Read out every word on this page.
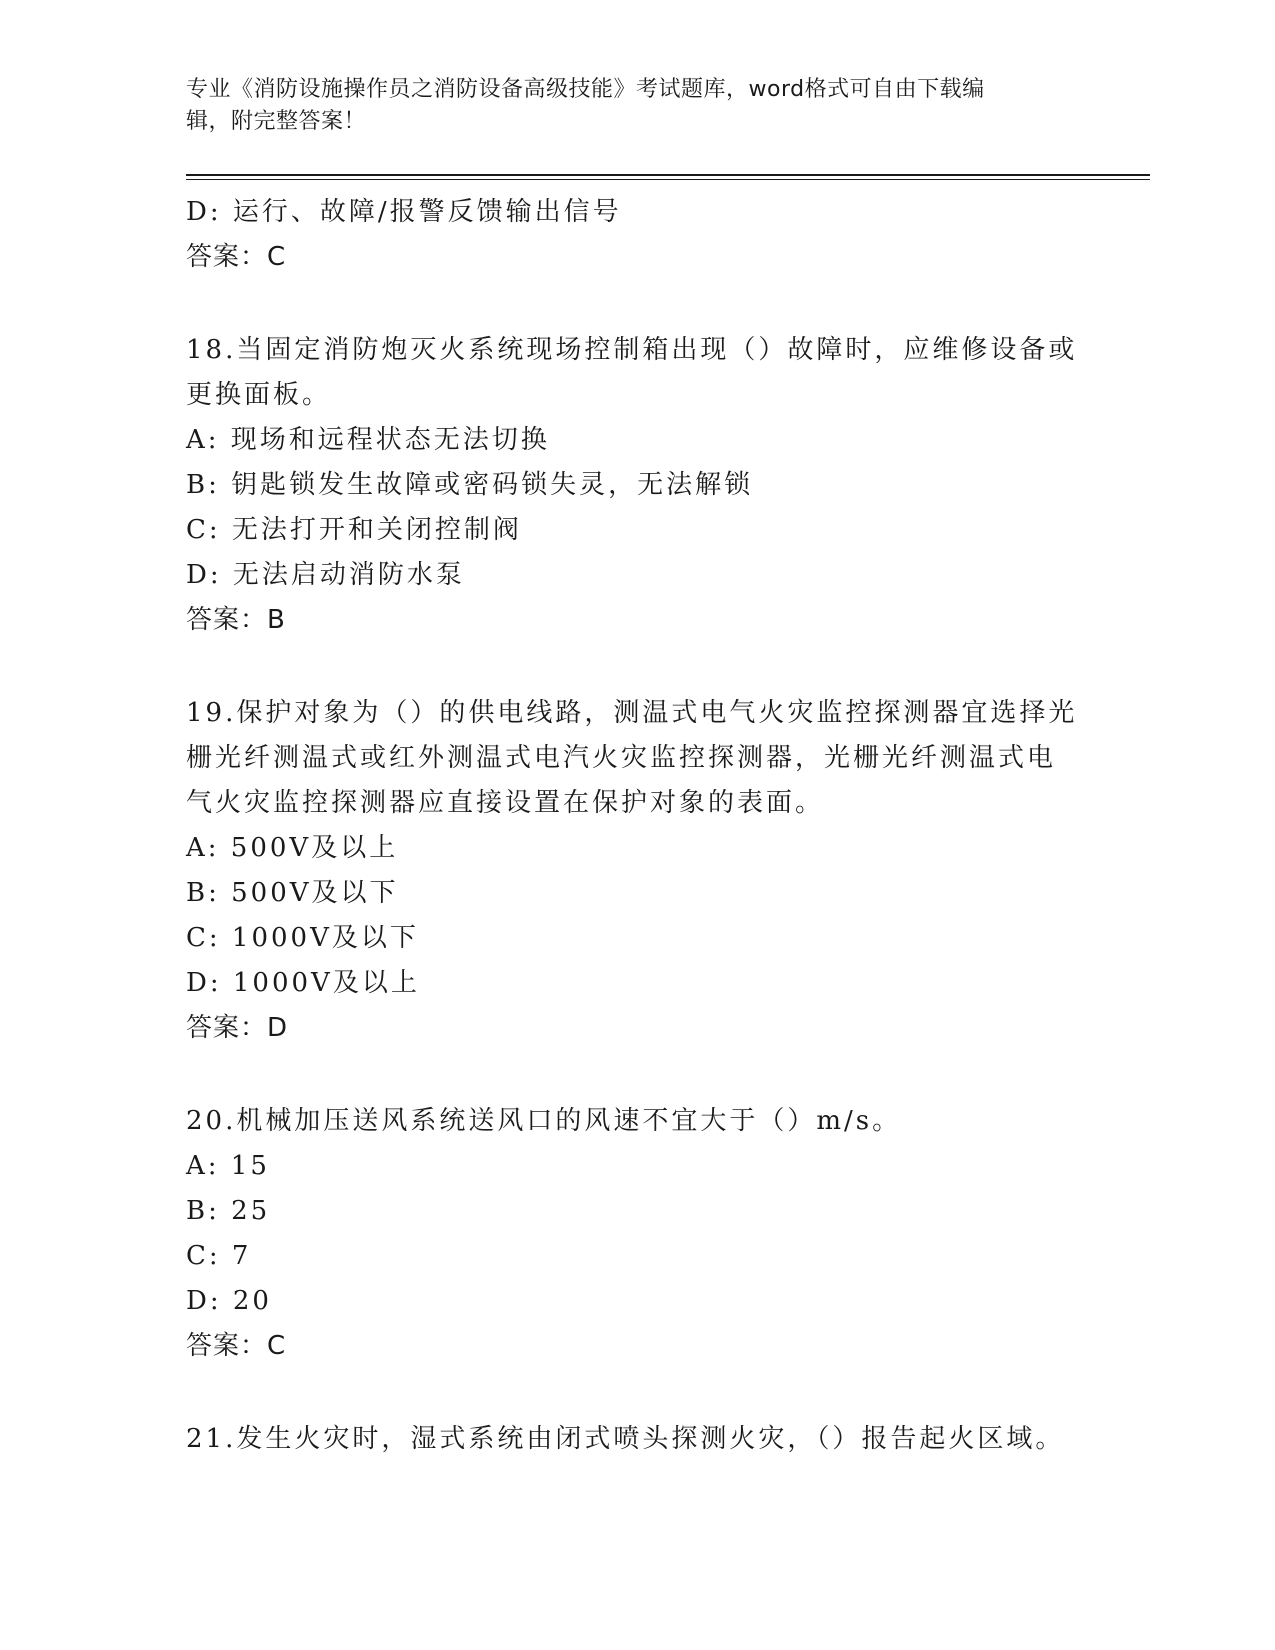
专业《消防设施操作员之消防设备高级技能》考试题库，word格式可自由下载编
辑，附完整答案！
D: 运行、故障/报警反馈输出信号
答案：C
18.当固定消防炮灭火系统现场控制箱出现（）故障时，应维修设备或
更换面板。
A: 现场和远程状态无法切换
B: 钥匙锁发生故障或密码锁失灵，无法解锁
C: 无法打开和关闭控制阀
D: 无法启动消防水泵
答案：B
19.保护对象为（）的供电线路，测温式电气火灾监控探测器宜选择光
栅光纤测温式或红外测温式电汽火灾监控探测器，光栅光纤测温式电
气火灾监控探测器应直接设置在保护对象的表面。
A: 500V及以上
B: 500V及以下
C: 1000V及以下
D: 1000V及以上
答案：D
20.机械加压送风系统送风口的风速不宜大于（）m/s。
A: 15
B: 25
C: 7
D: 20
答案：C
21.发生火灾时，湿式系统由闭式喷头探测火灾，（）报告起火区域。
